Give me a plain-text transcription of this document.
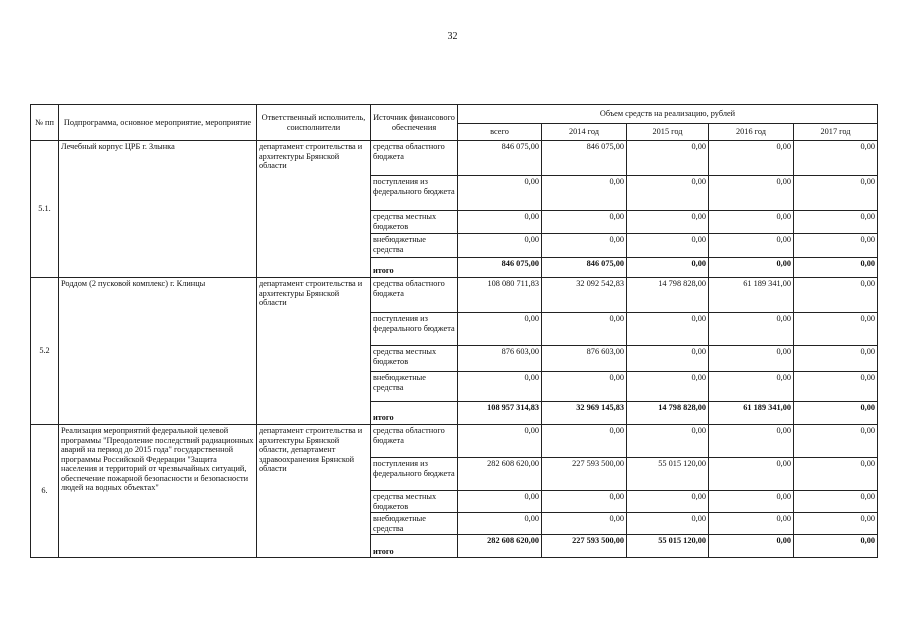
32
№ пп	Подпрограмма, основное мероприятие, мероприятие	Ответственный исполнитель, соисполнители	Источник финансового обеспечения	Объем средств на реализацию, рублей				
				всего	2014 год	2015 год	2016 год	2017 год
5.1.	Лечебный корпус ЦРБ г. Злынка	департамент строительства и архитектуры Брянской области	средства областного бюджета	846 075,00	846 075,00	0,00	0,00	0,00
			поступления из федерального бюджета	0,00	0,00	0,00	0,00	0,00
			средства местных бюджетов	0,00	0,00	0,00	0,00	0,00
			внебюджетные средства	0,00	0,00	0,00	0,00	0,00
			итого	846 075,00	846 075,00	0,00	0,00	0,00
5.2	Роддом (2 пусковой комплекс) г. Клинцы	департамент строительства и архитектуры Брянской области	средства областного бюджета	108 080 711,83	32 092 542,83	14 798 828,00	61 189 341,00	0,00
			поступления из федерального бюджета	0,00	0,00	0,00	0,00	0,00
			средства местных бюджетов	876 603,00	876 603,00	0,00	0,00	0,00
			внебюджетные средства	0,00	0,00	0,00	0,00	0,00
			итого	108 957 314,83	32 969 145,83	14 798 828,00	61 189 341,00	0,00
6.	Реализация мероприятий федеральной целевой программы "Преодоление последствий радиационных аварий на период до 2015 года" государственной программы Российской Федерации "Защита населения и территорий от чрезвычайных ситуаций, обеспечение пожарной безопасности и безопасности людей на водных объектах"	департамент строительства и архитектуры Брянской области, департамент здравоохранения Брянской области	средства областного бюджета	0,00	0,00	0,00	0,00	0,00
			поступления из федерального бюджета	282 608 620,00	227 593 500,00	55 015 120,00	0,00	0,00
			средства местных бюджетов	0,00	0,00	0,00	0,00	0,00
			внебюджетные средства	0,00	0,00	0,00	0,00	0,00
			итого	282 608 620,00	227 593 500,00	55 015 120,00	0,00	0,00
